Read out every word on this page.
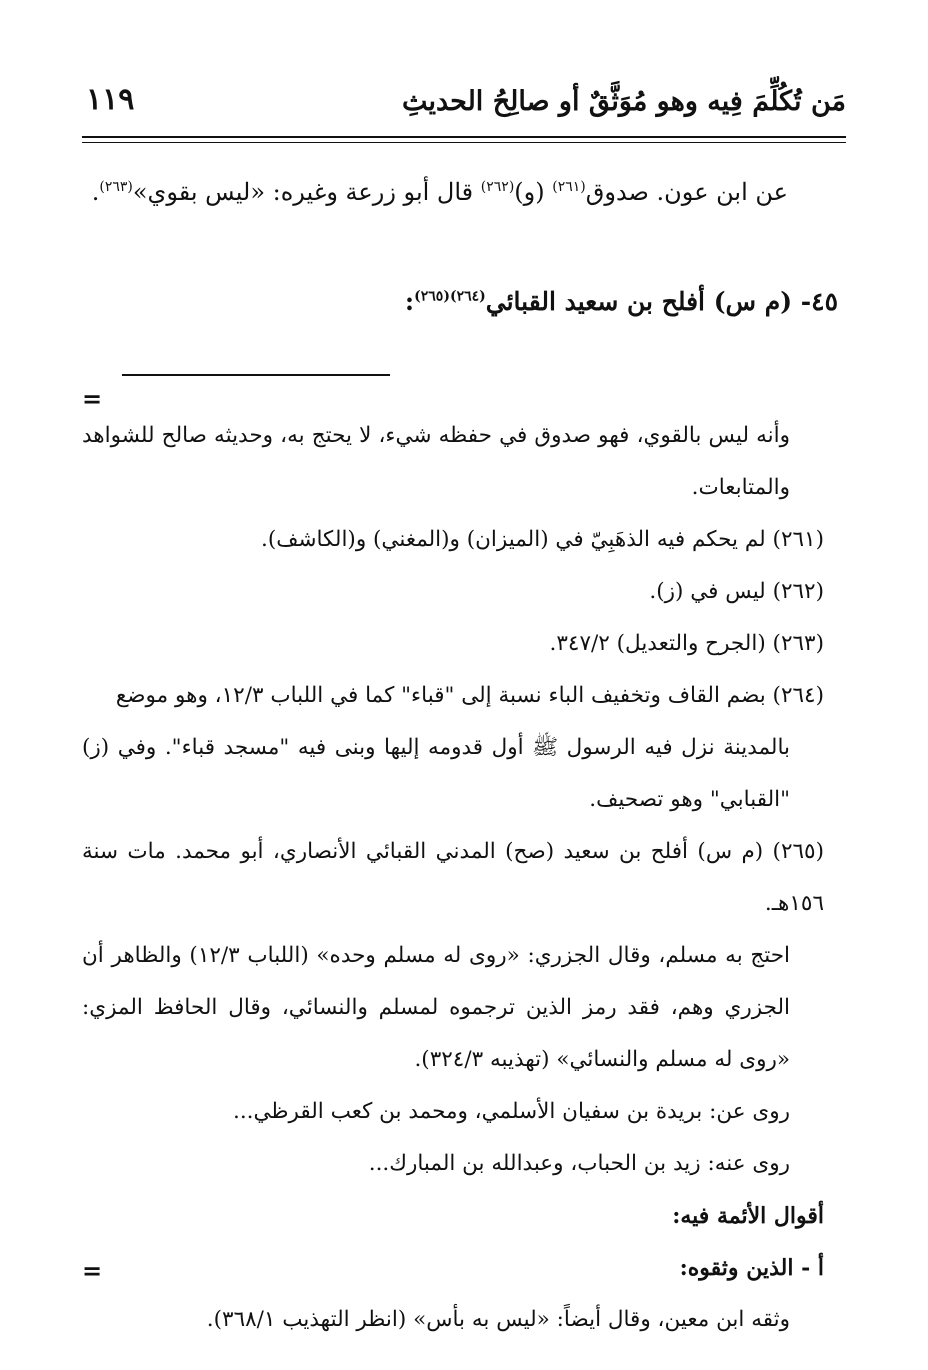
مَن تُكُلِّمَ فِيه وهو مُوَثَّقٌ أو صالِحُ الحديثِ
١١٩

عن ابن عون. صدوق$^{(٢٦١)}$ (و)$^{(٢٦٢)}$ قال أبو زرعة وغيره: «ليس بقوي»$^{(٢٦٣)}$.

٤٥- (م س) أفلح بن سعيد القبائي$^{(٢٦٤)(٢٦٥)}$:
=

وأنه ليس بالقوي، فهو صدوق في حفظه شيء، لا يحتج به، وحديثه صالح للشواهد والمتابعات.

(٢٦١) لم يحكم فيه الذهَبِيّ في (الميزان) و(المغني) و(الكاشف).

(٢٦٢) ليس في (ز).

(٢٦٣) (الجرح والتعديل) ٣٤٧/٢.

(٢٦٤) بضم القاف وتخفيف الباء نسبة إلى "قباء" كما في اللباب ١٢/٣، وهو موضع

بالمدينة نزل فيه الرسول ﷺ أول قدومه إليها وبنى فيه "مسجد قباء". وفي (ز) "القبابي" وهو تصحيف.

(٢٦٥) (م س) أفلح بن سعيد (صح) المدني القبائي الأنصاري، أبو محمد. مات سنة ١٥٦هـ.

احتج به مسلم، وقال الجزري: «روى له مسلم وحده» (اللباب ١٢/٣) والظاهر أن الجزري وهم، فقد رمز الذين ترجموه لمسلم والنسائي، وقال الحافظ المزي: «روى له مسلم والنسائي» (تهذيبه ٣٢٤/٣).

روى عن: بريدة بن سفيان الأسلمي، ومحمد بن كعب القرظي...

روى عنه: زيد بن الحباب، وعبدالله بن المبارك...

أقوال الأئمة فيه:

أ - الذين وثقوه:

وثقه ابن معين، وقال أيضاً: «ليس به بأس» (انظر التهذيب ٣٦٨/١).

=
